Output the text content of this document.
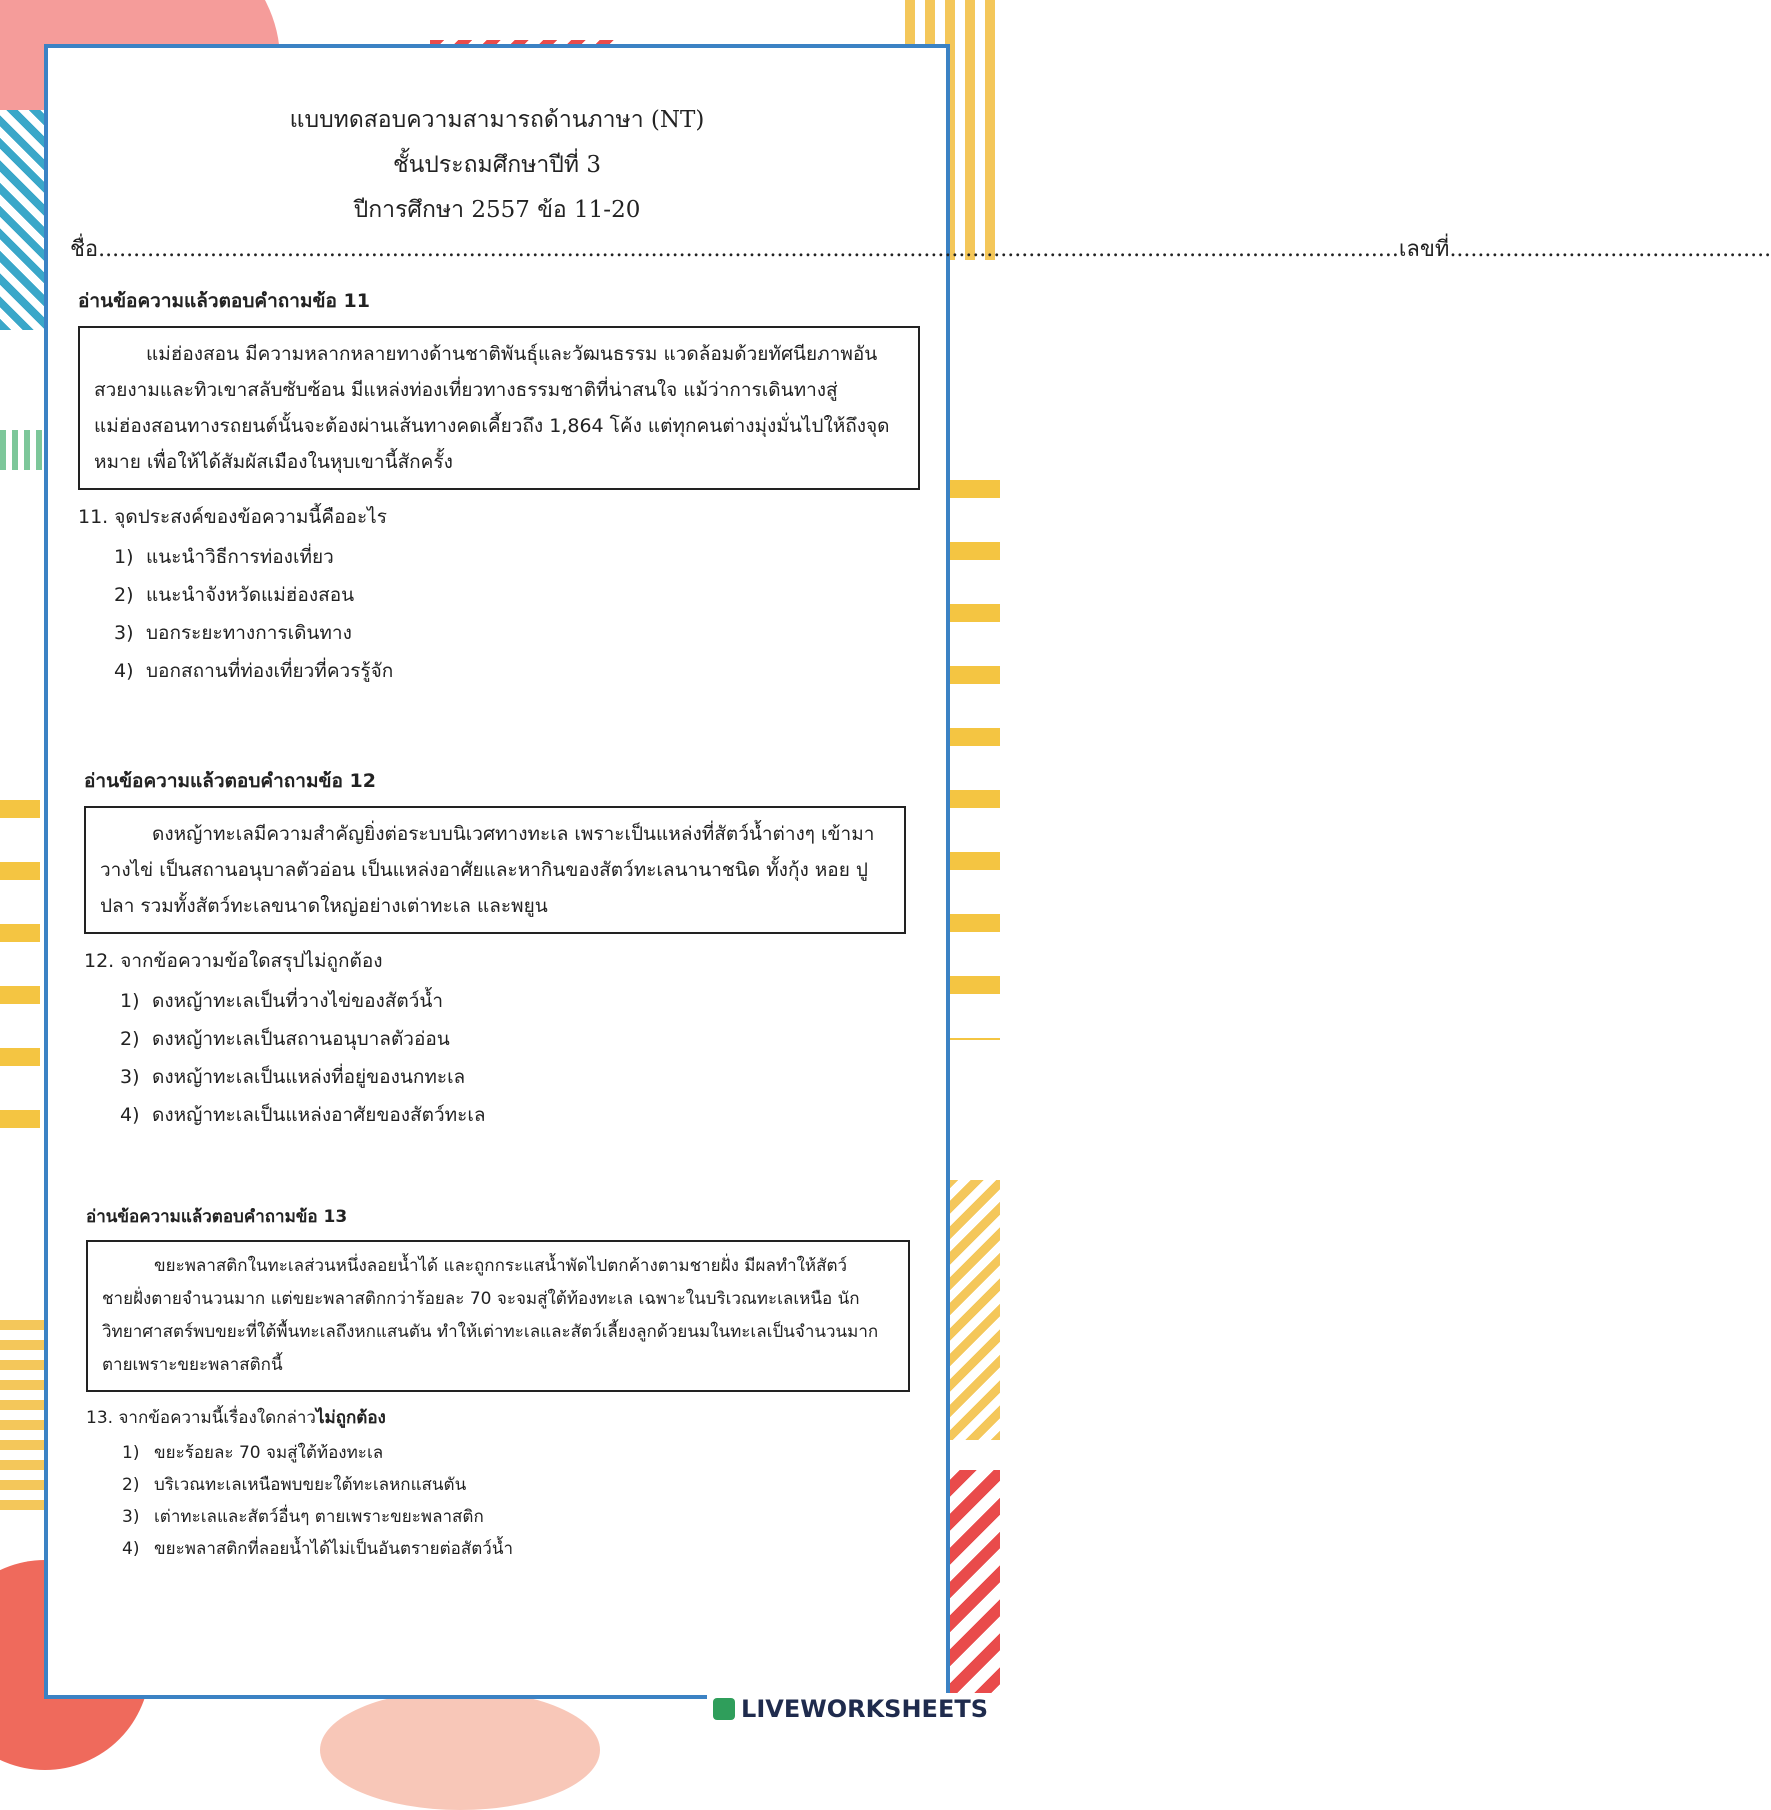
แบบทดสอบความสามารถด้านภาษา (NT)
ชั้นประถมศึกษาปีที่ 3
ปีการศึกษา 2557 ข้อ 11-20
ชื่อ .......................................................................................................................................................................................... เลขที่ ..............................................
อ่านข้อความแล้วตอบคำถามข้อ 11
แม่ฮ่องสอน มีความหลากหลายทางด้านชาติพันธุ์และวัฒนธรรม แวดล้อมด้วยทัศนียภาพอันสวยงามและทิวเขาสลับซับซ้อน มีแหล่งท่องเที่ยวทางธรรมชาติที่น่าสนใจ แม้ว่าการเดินทางสู่แม่ฮ่องสอนทางรถยนต์นั้นจะต้องผ่านเส้นทางคดเคี้ยวถึง 1,864 โค้ง แต่ทุกคนต่างมุ่งมั่นไปให้ถึงจุดหมาย เพื่อให้ได้สัมผัสเมืองในหุบเขานี้สักครั้ง
11. จุดประสงค์ของข้อความนี้คืออะไร
1) แนะนำวิธีการท่องเที่ยว
2) แนะนำจังหวัดแม่ฮ่องสอน
3) บอกระยะทางการเดินทาง
4) บอกสถานที่ท่องเที่ยวที่ควรรู้จัก
อ่านข้อความแล้วตอบคำถามข้อ 12
ดงหญ้าทะเลมีความสำคัญยิ่งต่อระบบนิเวศทางทะเล เพราะเป็นแหล่งที่สัตว์น้ำต่างๆ เข้ามาวางไข่ เป็นสถานอนุบาลตัวอ่อน เป็นแหล่งอาศัยและหากินของสัตว์ทะเลนานาชนิด ทั้งกุ้ง หอย ปู ปลา รวมทั้งสัตว์ทะเลขนาดใหญ่อย่างเต่าทะเล และพยูน
12. จากข้อความข้อใดสรุปไม่ถูกต้อง
1) ดงหญ้าทะเลเป็นที่วางไข่ของสัตว์น้ำ
2) ดงหญ้าทะเลเป็นสถานอนุบาลตัวอ่อน
3) ดงหญ้าทะเลเป็นแหล่งที่อยู่ของนกทะเล
4) ดงหญ้าทะเลเป็นแหล่งอาศัยของสัตว์ทะเล
อ่านข้อความแล้วตอบคำถามข้อ 13
ขยะพลาสติกในทะเลส่วนหนึ่งลอยน้ำได้ และถูกกระแสน้ำพัดไปตกค้างตามชายฝั่ง มีผลทำให้สัตว์ชายฝั่งตายจำนวนมาก แต่ขยะพลาสติกกว่าร้อยละ 70 จะจมสู่ใต้ท้องทะเล เฉพาะในบริเวณทะเลเหนือ นักวิทยาศาสตร์พบขยะที่ใต้พื้นทะเลถึงหกแสนตัน ทำให้เต่าทะเลและสัตว์เลี้ยงลูกด้วยนมในทะเลเป็นจำนวนมากตายเพราะขยะพลาสติกนี้
13. จากข้อความนี้เรื่องใดกล่าวไม่ถูกต้อง
1) ขยะร้อยละ 70 จมสู่ใต้ท้องทะเล
2) บริเวณทะเลเหนือพบขยะใต้ทะเลหกแสนตัน
3) เต่าทะเลและสัตว์อื่นๆ ตายเพราะขยะพลาสติก
4) ขยะพลาสติกที่ลอยน้ำได้ไม่เป็นอันตรายต่อสัตว์น้ำ
LIVEWORKSHEETS
